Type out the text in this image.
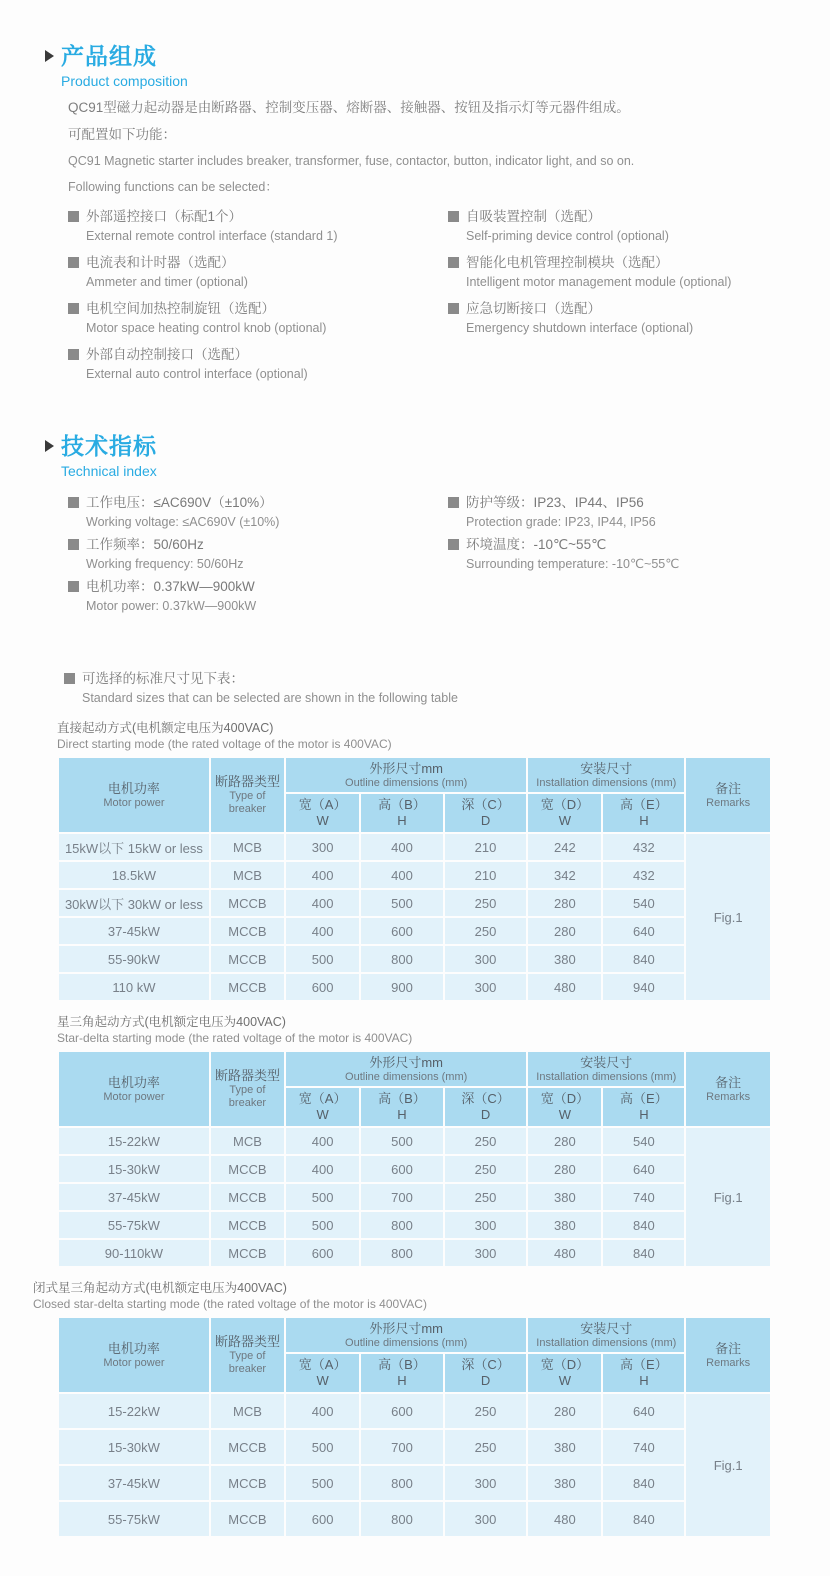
产品组成
Product composition

QC91型磁力起动器是由断路器、控制变压器、熔断器、接触器、按钮及指示灯等元器件组成。

可配置如下功能：

QC91 Magnetic starter includes breaker, transformer, fuse, contactor, button, indicator light, and so on.

Following functions can be selected：

外部遥控接口（标配1个）
External remote control interface (standard 1)
电流表和计时器（选配）
Ammeter and timer (optional)
电机空间加热控制旋钮（选配）
Motor space heating control knob (optional)
外部自动控制接口（选配）
External auto control interface (optional)
自吸装置控制（选配）
Self-priming device control (optional)
智能化电机管理控制模块（选配）
Intelligent motor management module (optional)
应急切断接口（选配）
Emergency shutdown interface (optional)
技术指标
Technical index
工作电压：≤AC690V（±10%）
Working voltage: ≤AC690V (±10%)
工作频率：50/60Hz
Working frequency: 50/60Hz
电机功率：0.37kW—900kW
Motor power: 0.37kW—900kW
防护等级：IP23、IP44、IP56
Protection grade: IP23, IP44, IP56
环境温度：-10℃~55℃
Surrounding temperature: -10℃~55℃
可选择的标准尺寸见下表：
Standard sizes that can be selected are shown in the following table
直接起动方式(电机额定电压为400VAC)
Direct starting mode (the rated voltage of the motor is 400VAC)
电机功率
Motor power	断路器类型
Type of breaker	外形尺寸mm
Outline dimensions (mm)			安装尺寸
Installation dimensions (mm)		备注
Remarks

		宽（A）
W	高（B）
H	深（C）
D	宽（D）
W	高（E）
H	

15kW以下 15kW or less	MCB	300	400	210	242	432	Fig.1
18.5kW	MCB	400	400	210	342	432	
30kW以下 30kW or less	MCCB	400	500	250	280	540	
37-45kW	MCCB	400	600	250	280	640	
55-90kW	MCCB	500	800	300	380	840	
110 kW	MCCB	600	900	300	480	940	
星三角起动方式(电机额定电压为400VAC)
Star-delta starting mode (the rated voltage of the motor is 400VAC)
电机功率
Motor power	断路器类型
Type of breaker	外形尺寸mm
Outline dimensions (mm)			安装尺寸
Installation dimensions (mm)		备注
Remarks

		宽（A）
W	高（B）
H	深（C）
D	宽（D）
W	高（E）
H	

15-22kW	MCB	400	500	250	280	540	Fig.1
15-30kW	MCCB	400	600	250	280	640	
37-45kW	MCCB	500	700	250	380	740	
55-75kW	MCCB	500	800	300	380	840	
90-110kW	MCCB	600	800	300	480	840	
闭式星三角起动方式(电机额定电压为400VAC)
Closed star-delta starting mode (the rated voltage of the motor is 400VAC)
电机功率
Motor power	断路器类型
Type of breaker	外形尺寸mm
Outline dimensions (mm)			安装尺寸
Installation dimensions (mm)		备注
Remarks

		宽（A）
W	高（B）
H	深（C）
D	宽（D）
W	高（E）
H	

15-22kW	MCB	400	600	250	280	640	Fig.1
15-30kW	MCCB	500	700	250	380	740	
37-45kW	MCCB	500	800	300	380	840	
55-75kW	MCCB	600	800	300	480	840	
